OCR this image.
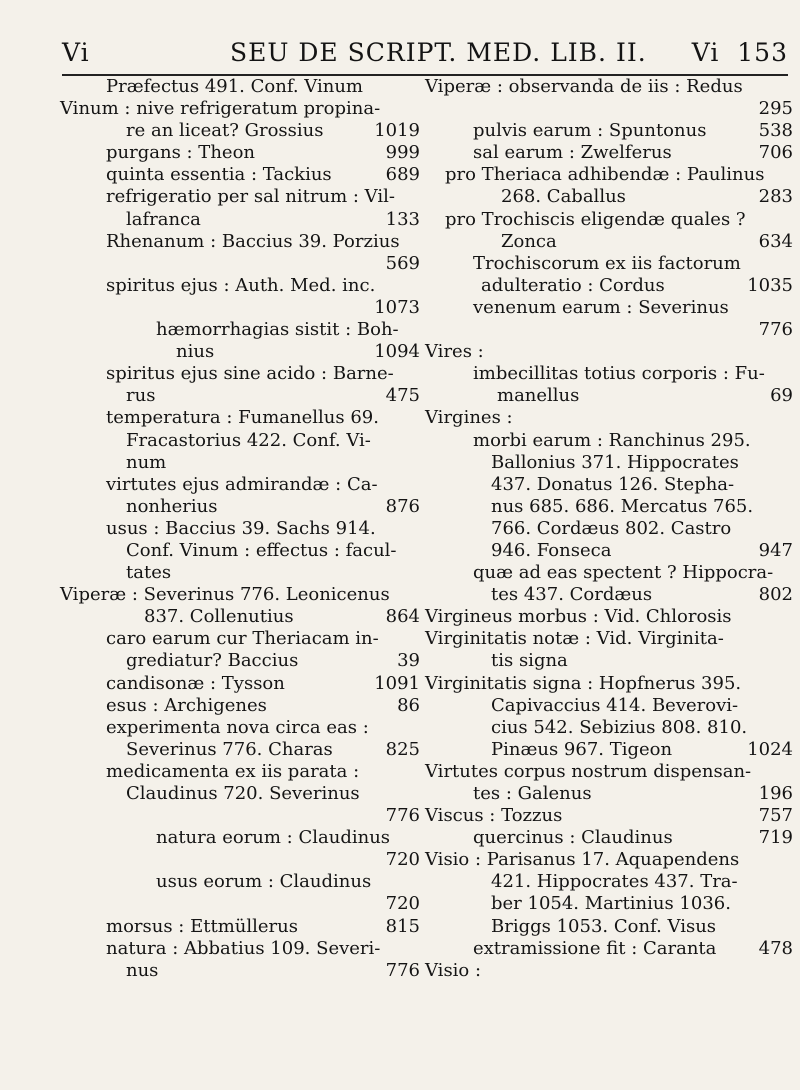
Vi	SEU DE SCRIPT. MED. LIB. II. Vi 153
Præfectus 491. Conf. Vinum
Vinum : nive refrigeratum propina-
re an liceat? Grossius	1019
purgans : Theon	999
quinta essentia : Tackius	689
refrigeratio per sal nitrum : Vil-
lafranca	133
Rhenanum : Baccius 39. Porzius
569
spiritus ejus : Auth. Med. inc.
1073
hæmorrhagias sistit : Boh-
nius	1094
spiritus ejus sine acido : Barne-
rus	475
temperatura : Fumanellus 69.
Fracastorius 422. Conf. Vi-
num
virtutes ejus admirandæ : Ca-
nonherius	876
usus : Baccius 39. Sachs 914.
Conf. Vinum : effectus : facul-
tates
Viperæ : Severinus 776. Leonicenus
837. Collenutius	864
caro earum cur Theriacam in-
grediatur? Baccius	39
candisonæ : Tysson	1091
esus : Archigenes	86
experimenta nova circa eas :
Severinus 776. Charas	825
medicamenta ex iis parata :
Claudinus 720. Severinus
776
natura eorum : Claudinus
720
usus eorum : Claudinus
720
morsus : Ettmüllerus	815
natura : Abbatius 109. Severi-
nus	776
Viperæ : observanda de iis : Redus
295
pulvis earum : Spuntonus	538
sal earum : Zwelferus	706
pro Theriaca adhibendæ : Paulinus
268. Caballus	283
pro Trochiscis eligendæ quales ?
Zonca	634
Trochiscorum ex iis factorum
adulteratio : Cordus	1035
venenum earum : Severinus
776
Vires :
imbecillitas totius corporis : Fu-
manellus	69
Virgines :
morbi earum : Ranchinus 295.
Ballonius 371. Hippocrates
437. Donatus 126. Stepha-
nus 685. 686. Mercatus 765.
766. Cordæus 802. Castro
946. Fonseca	947
quæ ad eas spectent ? Hippocra-
tes 437. Cordæus	802
Virgineus morbus : Vid. Chlorosis
Virginitatis notæ : Vid. Virginita-
tis signa
Virginitatis signa : Hopfnerus 395.
Capivaccius 414. Beverovi-
cius 542. Sebizius 808. 810.
Pinæus 967. Tigeon	1024
Virtutes corpus nostrum dispensan-
tes : Galenus	196
Viscus : Tozzus	757
quercinus : Claudinus	719
Visio : Parisanus 17. Aquapendens
421. Hippocrates 437. Tra-
ber 1054. Martinius 1036.
Briggs 1053. Conf. Visus
extramissione fit : Caranta 478
Visio :
